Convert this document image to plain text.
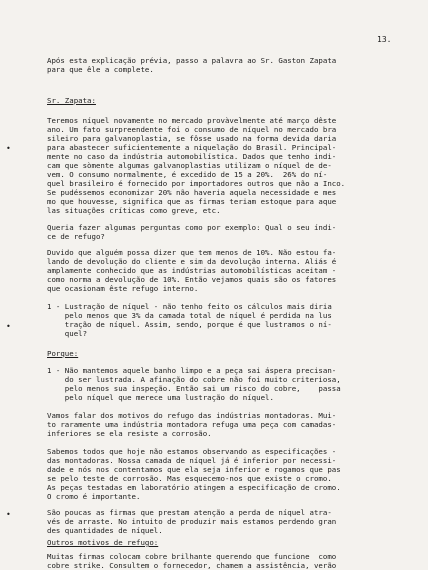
13.
•
•
•
Após esta explicação prévia, passo a palavra ao Sr. Gaston Zapata
para que êle a complete.
Sr. Zapata:
Teremos níquel novamente no mercado provàvelmente até março dêste
ano. Um fato surpreendente foi o consumo de níquel no mercado bra
sileiro para galvanoplastia, se fôsse usado na forma devida daria
para abastecer suficientemente a niquelação do Brasil. Principal-
mente no caso da indústria automobilística. Dados que tenho indi-
cam que sòmente algumas galvanoplastias utilizam o níquel de de-
vem. O consumo normalmente, é excedido de 15 a 20%.  26% do ní-
quel brasileiro é fornecido por importadores outros que não a Inco.
Se pudéssemos economizar 20% não haveria aquela necessidade e mes
mo que houvesse, significa que as firmas teriam estoque para aque
las situações críticas como greve, etc.
Queria fazer algumas perguntas como por exemplo: Qual o seu índi-
ce de refugo?
Duvido que alguém possa dizer que tem menos de 10%. Não estou fa-
lando de devolução do cliente e sim da devolução interna. Aliás é
amplamente conhecido que as indústrias automobilísticas aceitam -
como norma a devolução de 10%. Então vejamos quais são os fatores
que ocasionam êste refugo interno.
1 - Lustração de níquel - não tenho feito os cálculos mais diria
pelo menos que 3% da camada total de níquel é perdida na lus
tração de níquel. Assim, sendo, porque é que lustramos o ní-
quel?
Porque:
1 - Não mantemos aquele banho limpo e a peça sai áspera precisan-
do ser lustrada. A afinação do cobre não foi muito criteriosa,
pelo menos sua inspeção. Então sai um risco do cobre,    passa
pelo níquel que merece uma lustração do níquel.
Vamos falar dos motivos do refugo das indústrias montadoras. Mui-
to raramente uma indústria montadora refuga uma peça com camadas-
inferiores se ela resiste a corrosão.
Sabemos todos que hoje não estamos observando as especificações -
das montadoras. Nossa camada de níquel já é inferior por necessi-
dade e nós nos contentamos que ela seja inferior e rogamos que pas
se pelo teste de corrosão. Mas esquecemo-nos que existe o cromo.
As peças testadas em laboratório atingem a especificação de cromo.
O cromo é importante.
São poucas as firmas que prestam atenção a perda de níquel atra-
vés de arraste. No intuito de produzir mais estamos perdendo gran
des quantidades de níquel.
Outros motivos de refugo:
Muitas firmas colocam cobre brilhante querendo que funcione  como
cobre strike. Consultem o fornecedor, chamem a assistência, verão
